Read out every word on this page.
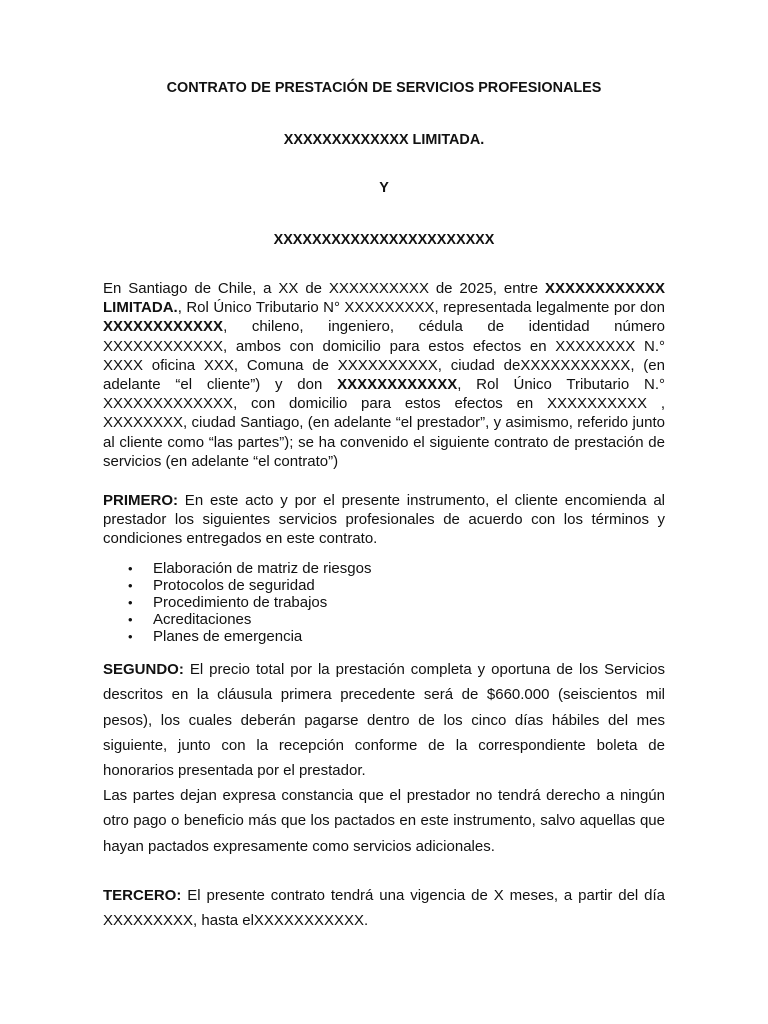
CONTRATO DE PRESTACIÓN DE SERVICIOS PROFESIONALES
XXXXXXXXXXXXX LIMITADA.
Y
XXXXXXXXXXXXXXXXXXXXXXX

En Santiago de Chile, a XX de XXXXXXXXXX de 2025, entre XXXXXXXXXXXX LIMITADA., Rol Único Tributario N° XXXXXXXXX, representada legalmente por don XXXXXXXXXXXX, chileno, ingeniero, cédula de identidad número XXXXXXXXXXXX, ambos con domicilio para estos efectos en XXXXXXXX N.° XXXX oficina XXX, Comuna de XXXXXXXXXX, ciudad deXXXXXXXXXXX, (en adelante “el cliente”) y don XXXXXXXXXXXX, Rol Único Tributario N.° XXXXXXXXXXXXX, con domicilio para estos efectos en XXXXXXXXXX , XXXXXXXX, ciudad Santiago, (en adelante “el prestador”, y asimismo, referido junto al cliente como “las partes”); se ha convenido el siguiente contrato de prestación de servicios (en adelante “el contrato”)

PRIMERO: En este acto y por el presente instrumento, el cliente encomienda al prestador los siguientes servicios profesionales de acuerdo con los términos y condiciones entregados en este contrato.

• Elaboración de matriz de riesgos
• Protocolos de seguridad
• Procedimiento de trabajos
• Acreditaciones
• Planes de emergencia

SEGUNDO: El precio total por la prestación completa y oportuna de los Servicios descritos en la cláusula primera precedente será de $660.000 (seiscientos mil pesos), los cuales deberán pagarse dentro de los cinco días hábiles del mes siguiente, junto con la recepción conforme de la correspondiente boleta de honorarios presentada por el prestador.

Las partes dejan expresa constancia que el prestador no tendrá derecho a ningún otro pago o beneficio más que los pactados en este instrumento, salvo aquellas que hayan pactados expresamente como servicios adicionales.

TERCERO: El presente contrato tendrá una vigencia de X meses, a partir del día XXXXXXXXX, hasta elXXXXXXXXXXX.
